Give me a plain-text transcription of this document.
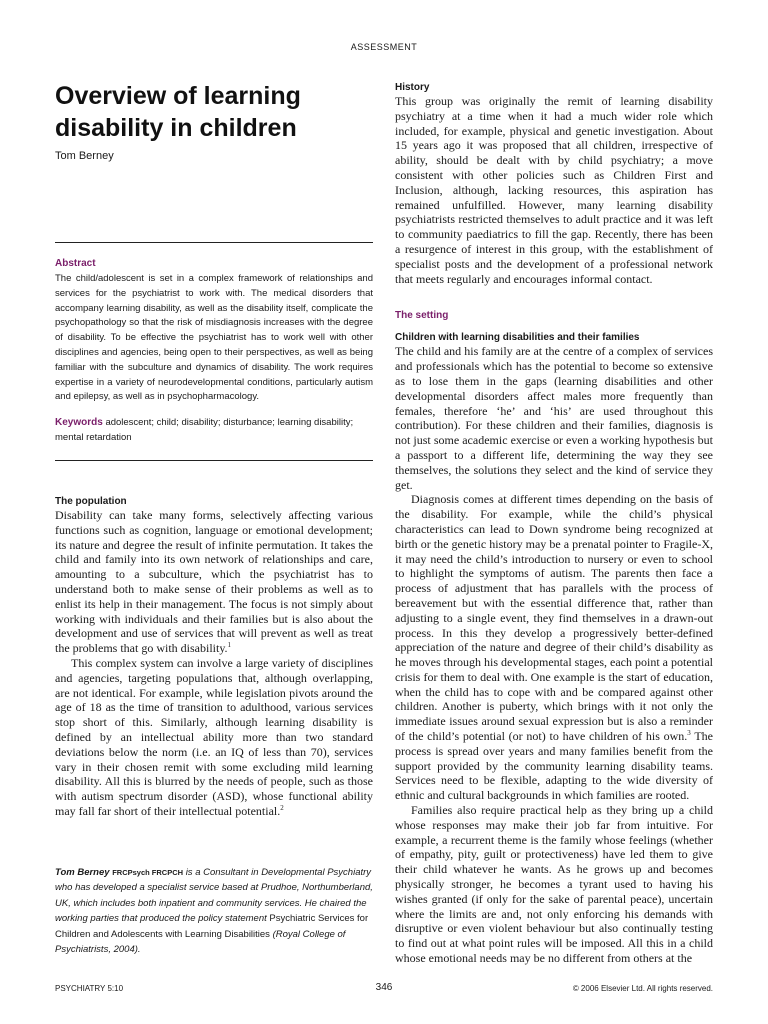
ASSESSMENT
Overview of learning disability in children
Tom Berney

Abstract

The child/adolescent is set in a complex framework of relationships and services for the psychiatrist to work with. The medical disorders that accompany learning disability, as well as the disability itself, complicate the psychopathology so that the risk of misdiagnosis increases with the degree of disability. To be effective the psychiatrist has to work well with other disciplines and agencies, being open to their perspectives, as well as being familiar with the subculture and dynamics of disability. The work requires expertise in a variety of neurodevelopmental conditions, particularly autism and epilepsy, as well as in psychopharmacology.

Keywords adolescent; child; disability; disturbance; learning disability; mental retardation

The population

Disability can take many forms, selectively affecting various functions such as cognition, language or emotional development; its nature and degree the result of infinite permutation. It takes the child and family into its own network of relationships and care, amounting to a subculture, which the psychiatrist has to understand both to make sense of their problems as well as to enlist its help in their management. The focus is not simply about working with individuals and their families but is also about the development and use of services that will prevent as well as treat the problems that go with disability.$^1$

This complex system can involve a large variety of disciplines and agencies, targeting populations that, although overlapping, are not identical. For example, while legislation pivots around the age of 18 as the time of transition to adulthood, various services stop short of this. Similarly, although learning disability is defined by an intellectual ability more than two standard deviations below the norm (i.e. an IQ of less than 70), services vary in their chosen remit with some excluding mild learning disability. All this is blurred by the needs of people, such as those with autism spectrum disorder (ASD), whose functional ability may fall far short of their intellectual potential.$^2$

Tom Berney FRCPsych FRCPCH is a Consultant in Developmental Psychiatry who has developed a specialist service based at Prudhoe, Northumberland, UK, which includes both inpatient and community services. He chaired the working parties that produced the policy statement Psychiatric Services for Children and Adolescents with Learning Disabilities (Royal College of Psychiatrists, 2004).

History

This group was originally the remit of learning disability psychiatry at a time when it had a much wider role which included, for example, physical and genetic investigation. About 15 years ago it was proposed that all children, irrespective of ability, should be dealt with by child psychiatry; a move consistent with other policies such as Children First and Inclusion, although, lacking resources, this aspiration has remained unfulfilled. However, many learning disability psychiatrists restricted themselves to adult practice and it was left to community paediatrics to fill the gap. Recently, there has been a resurgence of interest in this group, with the establishment of specialist posts and the development of a professional network that meets regularly and encourages informal contact.

The setting

Children with learning disabilities and their families

The child and his family are at the centre of a complex of services and professionals which has the potential to become so extensive as to lose them in the gaps (learning disabilities and other developmental disorders affect males more frequently than females, therefore ‘he’ and ‘his’ are used throughout this contribution). For these children and their families, diagnosis is not just some academic exercise or even a working hypothesis but a passport to a different life, determining the way they see themselves, the solutions they select and the kind of service they get.

Diagnosis comes at different times depending on the basis of the disability. For example, while the child’s physical characteristics can lead to Down syndrome being recognized at birth or the genetic history may be a prenatal pointer to Fragile-X, it may need the child’s introduction to nursery or even to school to highlight the symptoms of autism. The parents then face a process of adjustment that has parallels with the process of bereavement but with the essential difference that, rather than adjusting to a single event, they find themselves in a drawn-out process. In this they develop a progressively better-defined appreciation of the nature and degree of their child’s disability as he moves through his developmental stages, each point a potential crisis for them to deal with. One example is the start of education, when the child has to cope with and be compared against other children. Another is puberty, which brings with it not only the immediate issues around sexual expression but is also a reminder of the child’s potential (or not) to have children of his own.$^3$ The process is spread over years and many families benefit from the support provided by the community learning disability teams. Services need to be flexible, adapting to the wide diversity of ethnic and cultural backgrounds in which families are rooted.

Families also require practical help as they bring up a child whose responses may make their job far from intuitive. For example, a recurrent theme is the family whose feelings (whether of empathy, pity, guilt or protectiveness) have led them to give their child whatever he wants. As he grows up and becomes physically stronger, he becomes a tyrant used to having his wishes granted (if only for the sake of parental peace), uncertain where the limits are and, not only enforcing his demands with disruptive or even violent behaviour but also continually testing to find out at what point rules will be imposed. All this in a child whose emotional needs may be no different from others at the

PSYCHIATRY 5:10	346	© 2006 Elsevier Ltd. All rights reserved.
